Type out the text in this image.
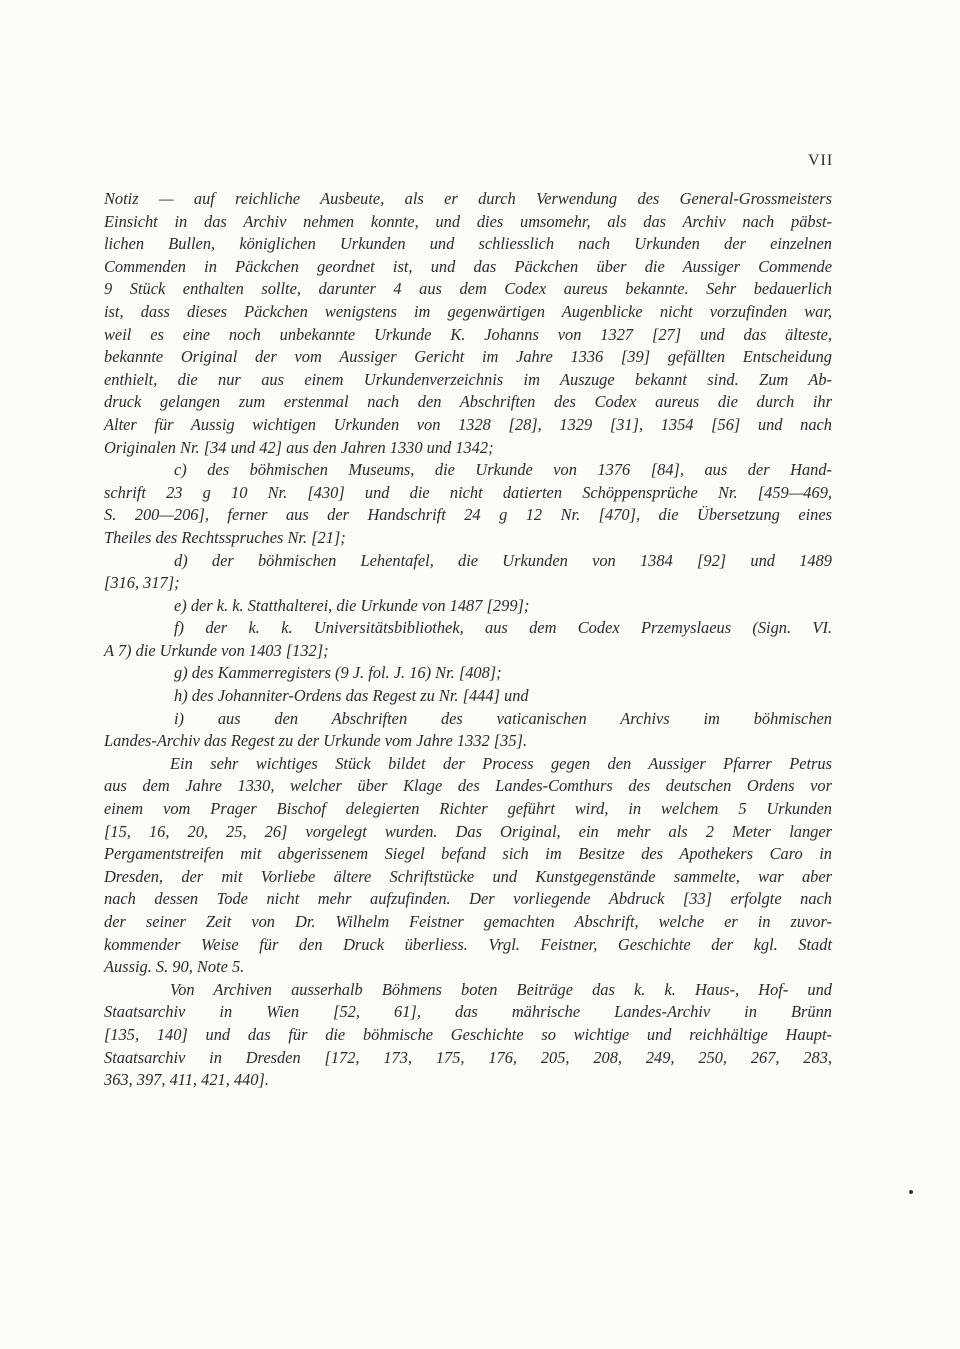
VII
Notiz — auf reichliche Ausbeute, als er durch Verwendung des General-Grossmeisters
Einsicht in das Archiv nehmen konnte, und dies umsomehr, als das Archiv nach päbst-
lichen Bullen, königlichen Urkunden und schliesslich nach Urkunden der einzelnen
Commenden in Päckchen geordnet ist, und das Päckchen über die Aussiger Commende
9 Stück enthalten sollte, darunter 4 aus dem Codex aureus bekannte. Sehr bedauerlich
ist, dass dieses Päckchen wenigstens im gegenwärtigen Augenblicke nicht vorzufinden war,
weil es eine noch unbekannte Urkunde K. Johanns von 1327 [27] und das älteste,
bekannte Original der vom Aussiger Gericht im Jahre 1336 [39] gefällten Entscheidung
enthielt, die nur aus einem Urkundenverzeichnis im Auszuge bekannt sind. Zum Ab-
druck gelangen zum erstenmal nach den Abschriften des Codex aureus die durch ihr
Alter für Aussig wichtigen Urkunden von 1328 [28], 1329 [31], 1354 [56] und nach
Originalen Nr. [34 und 42] aus den Jahren 1330 und 1342;
c) des böhmischen Museums, die Urkunde von 1376 [84], aus der Hand-
schrift 23 g 10 Nr. [430] und die nicht datierten Schöppensprüche Nr. [459—469,
S. 200—206], ferner aus der Handschrift 24 g 12 Nr. [470], die Übersetzung eines
Theiles des Rechtsspruches Nr. [21];
d) der böhmischen Lehentafel, die Urkunden von 1384 [92] und 1489
[316, 317];
e) der k. k. Statthalterei, die Urkunde von 1487 [299];
f) der k. k. Universitätsbibliothek, aus dem Codex Przemyslaeus (Sign. VI.
A 7) die Urkunde von 1403 [132];
g) des Kammerregisters (9 J. fol. J. 16) Nr. [408];
h) des Johanniter-Ordens das Regest zu Nr. [444] und
i) aus den Abschriften des vaticanischen Archivs im böhmischen
Landes-Archiv das Regest zu der Urkunde vom Jahre 1332 [35].
Ein sehr wichtiges Stück bildet der Process gegen den Aussiger Pfarrer Petrus
aus dem Jahre 1330, welcher über Klage des Landes-Comthurs des deutschen Ordens vor
einem vom Prager Bischof delegierten Richter geführt wird, in welchem 5 Urkunden
[15, 16, 20, 25, 26] vorgelegt wurden. Das Original, ein mehr als 2 Meter langer
Pergamentstreifen mit abgerissenem Siegel befand sich im Besitze des Apothekers Caro in
Dresden, der mit Vorliebe ältere Schriftstücke und Kunstgegenstände sammelte, war aber
nach dessen Tode nicht mehr aufzufinden. Der vorliegende Abdruck [33] erfolgte nach
der seiner Zeit von Dr. Wilhelm Feistner gemachten Abschrift, welche er in zuvor-
kommender Weise für den Druck überliess. Vrgl. Feistner, Geschichte der kgl. Stadt
Aussig. S. 90, Note 5.
Von Archiven ausserhalb Böhmens boten Beiträge das k. k. Haus-, Hof- und
Staatsarchiv in Wien [52, 61], das mährische Landes-Archiv in Brünn
[135, 140] und das für die böhmische Geschichte so wichtige und reichhältige Haupt-
Staatsarchiv in Dresden [172, 173, 175, 176, 205, 208, 249, 250, 267, 283,
363, 397, 411, 421, 440].
